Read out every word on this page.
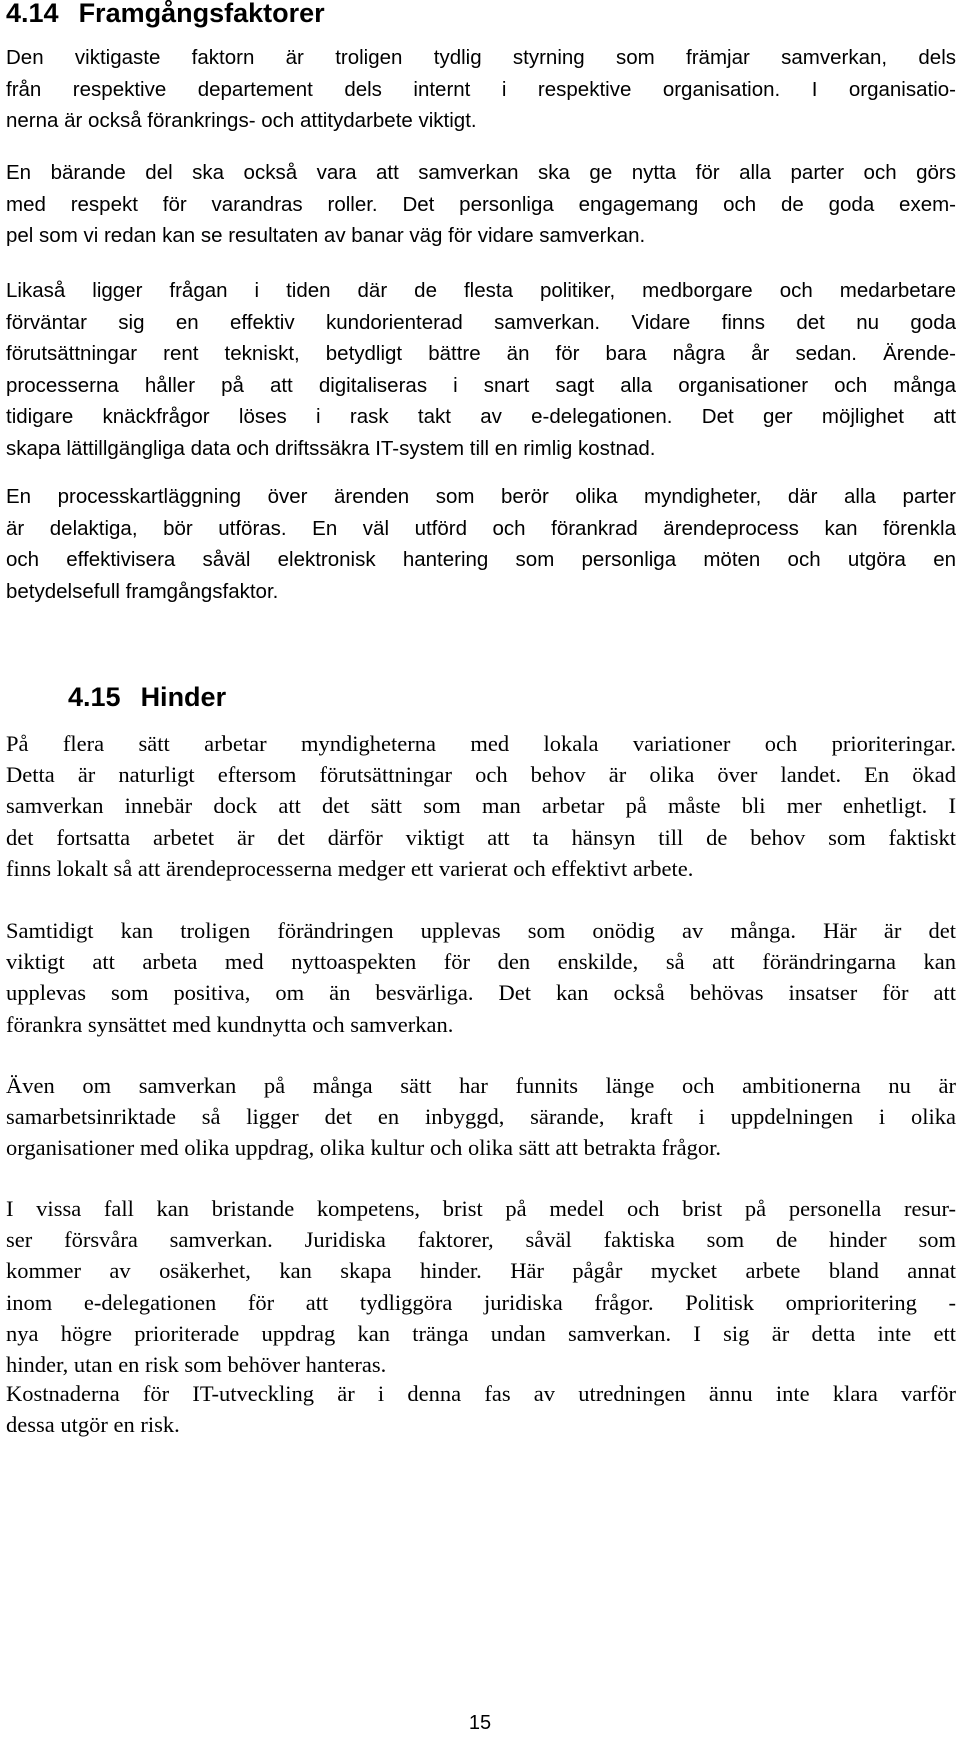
4.14 Framgångsfaktorer
Den viktigaste faktorn är troligen tydlig styrning som främjar samverkan, dels
från respektive departement dels internt i respektive organisation. I organisatio-
nerna är också förankrings- och attitydarbete viktigt.
En bärande del ska också vara att samverkan ska ge nytta för alla parter och görs
med respekt för varandras roller. Det personliga engagemang och de goda exem-
pel som vi redan kan se resultaten av banar väg för vidare samverkan.
Likaså ligger frågan i tiden där de flesta politiker, medborgare och medarbetare
förväntar sig en effektiv kundorienterad samverkan. Vidare finns det nu goda
förutsättningar rent tekniskt, betydligt bättre än för bara några år sedan. Ärende-
processerna håller på att digitaliseras i snart sagt alla organisationer och många
tidigare knäckfrågor löses i rask takt av e-delegationen. Det ger möjlighet att
skapa lättillgängliga data och driftssäkra IT-system till en rimlig kostnad.
En processkartläggning över ärenden som berör olika myndigheter, där alla parter
är delaktiga, bör utföras. En väl utförd och förankrad ärendeprocess kan förenkla
och effektivisera såväl elektronisk hantering som personliga möten och utgöra en
betydelsefull framgångsfaktor.
4.15 Hinder
På flera sätt arbetar myndigheterna med lokala variationer och prioriteringar.
Detta är naturligt eftersom förutsättningar och behov är olika över landet. En ökad
samverkan innebär dock att det sätt som man arbetar på måste bli mer enhetligt. I
det fortsatta arbetet är det därför viktigt att ta hänsyn till de behov som faktiskt
finns lokalt så att ärendeprocesserna medger ett varierat och effektivt arbete.
Samtidigt kan troligen förändringen upplevas som onödig av många. Här är det
viktigt att arbeta med nyttoaspekten för den enskilde, så att förändringarna kan
upplevas som positiva, om än besvärliga. Det kan också behövas insatser för att
förankra synsättet med kundnytta och samverkan.
Även om samverkan på många sätt har funnits länge och ambitionerna nu är
samarbetsinriktade så ligger det en inbyggd, särande, kraft i uppdelningen i olika
organisationer med olika uppdrag, olika kultur och olika sätt att betrakta frågor.
I vissa fall kan bristande kompetens, brist på medel och brist på personella resur-
ser försvåra samverkan. Juridiska faktorer, såväl faktiska som de hinder som
kommer av osäkerhet, kan skapa hinder. Här pågår mycket arbete bland annat
inom e-delegationen för att tydliggöra juridiska frågor. Politisk omprioritering -
nya högre prioriterade uppdrag kan tränga undan samverkan. I sig är detta inte ett
hinder, utan en risk som behöver hanteras.
Kostnaderna för IT-utveckling är i denna fas av utredningen ännu inte klara varför
dessa utgör en risk.
15
